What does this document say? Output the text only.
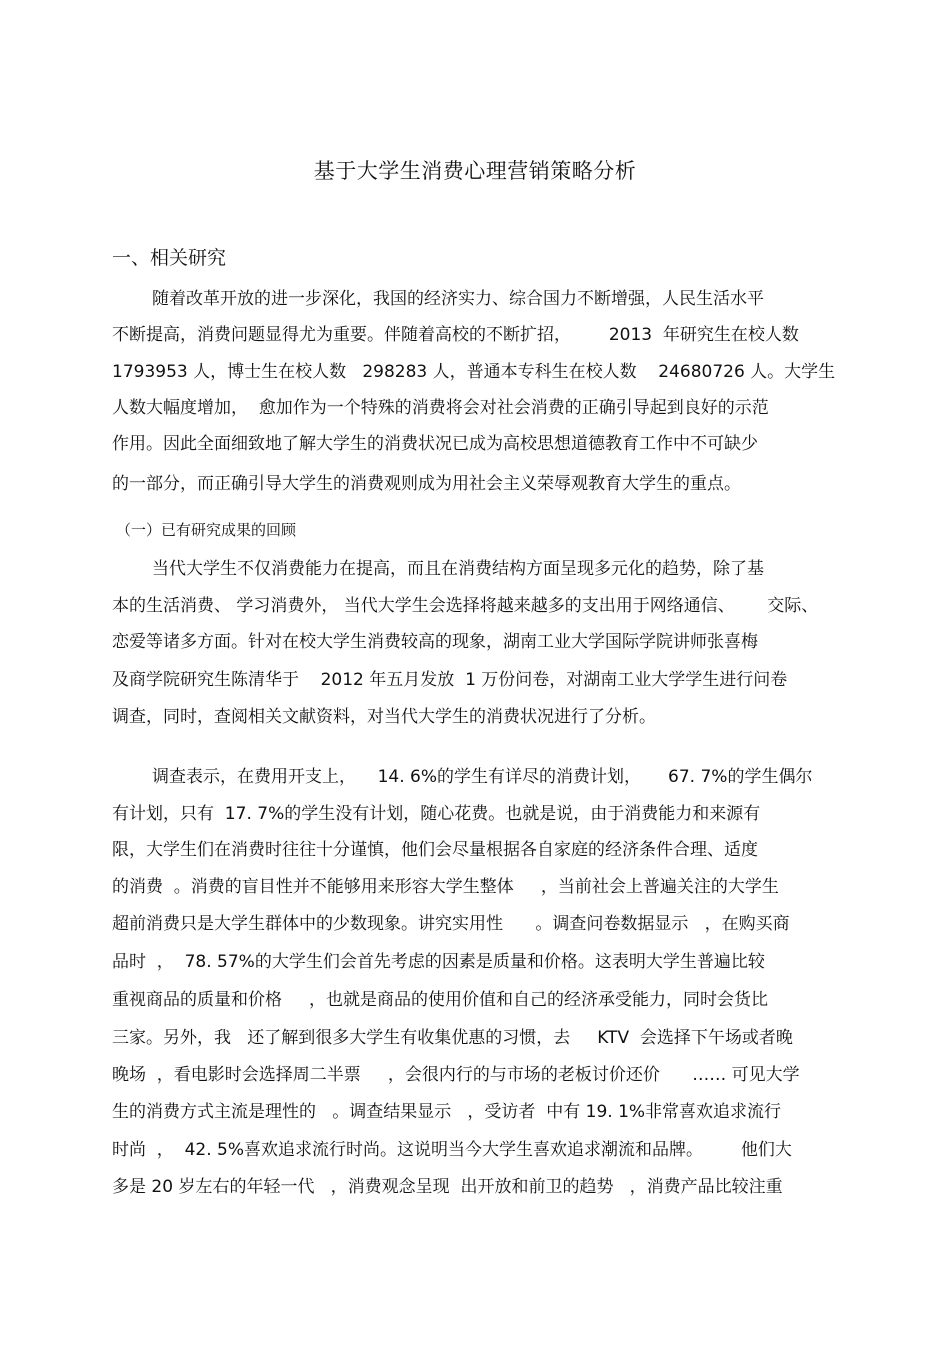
基于大学生消费心理营销策略分析
一、相关研究
随着改革开放的进一步深化，我国的经济实力、综合国力不断增强，人民生活水平
不断提高，消费问题显得尤为重要。伴随着高校的不断扩招，       2013  年研究生在校人数
1793953 人，博士生在校人数   298283 人，普通本专科生在校人数    24680726 人。大学生
人数大幅度增加，  愈加作为一个特殊的消费将会对社会消费的正确引导起到良好的示范
作用。因此全面细致地了解大学生的消费状况已成为高校思想道德教育工作中不可缺少
的一部分，而正确引导大学生的消费观则成为用社会主义荣辱观教育大学生的重点。
（一）已有研究成果的回顾
当代大学生不仅消费能力在提高，而且在消费结构方面呈现多元化的趋势，除了基
本的生活消费、 学习消费外， 当代大学生会选择将越来越多的支出用于网络通信、      交际、
恋爱等诸多方面。针对在校大学生消费较高的现象，湖南工业大学国际学院讲师张喜梅
及商学院研究生陈清华于    2012 年五月发放  1 万份问卷，对湖南工业大学学生进行问卷
调查，同时，查阅相关文献资料，对当代大学生的消费状况进行了分析。
调查表示，在费用开支上，    14. 6%的学生有详尽的消费计划，     67. 7%的学生偶尔
有计划，只有  17. 7%的学生没有计划，随心花费。也就是说，由于消费能力和来源有
限，大学生们在消费时往往十分谨慎，他们会尽量根据各自家庭的经济条件合理、适度
的消费  。消费的盲目性并不能够用来形容大学生整体     ，当前社会上普遍关注的大学生
超前消费只是大学生群体中的少数现象。讲究实用性      。调查问卷数据显示   ，在购买商
品时  ，  78. 57%的大学生们会首先考虑的因素是质量和价格。这表明大学生普遍比较
重视商品的质量和价格     ，也就是商品的使用价值和自己的经济承受能力，同时会货比
三家。另外，我   还了解到很多大学生有收集优惠的习惯，去     KTV  会选择下午场或者晚
晚场  ，看电影时会选择周二半票     ，会很内行的与市场的老板讨价还价      …… 可见大学
生的消费方式主流是理性的   。调查结果显示   ，受访者  中有 19. 1%非常喜欢追求流行
时尚  ，  42. 5%喜欢追求流行时尚。这说明当今大学生喜欢追求潮流和品牌。       他们大
多是 20 岁左右的年轻一代   ，消费观念呈现  出开放和前卫的趋势   ，消费产品比较注重
